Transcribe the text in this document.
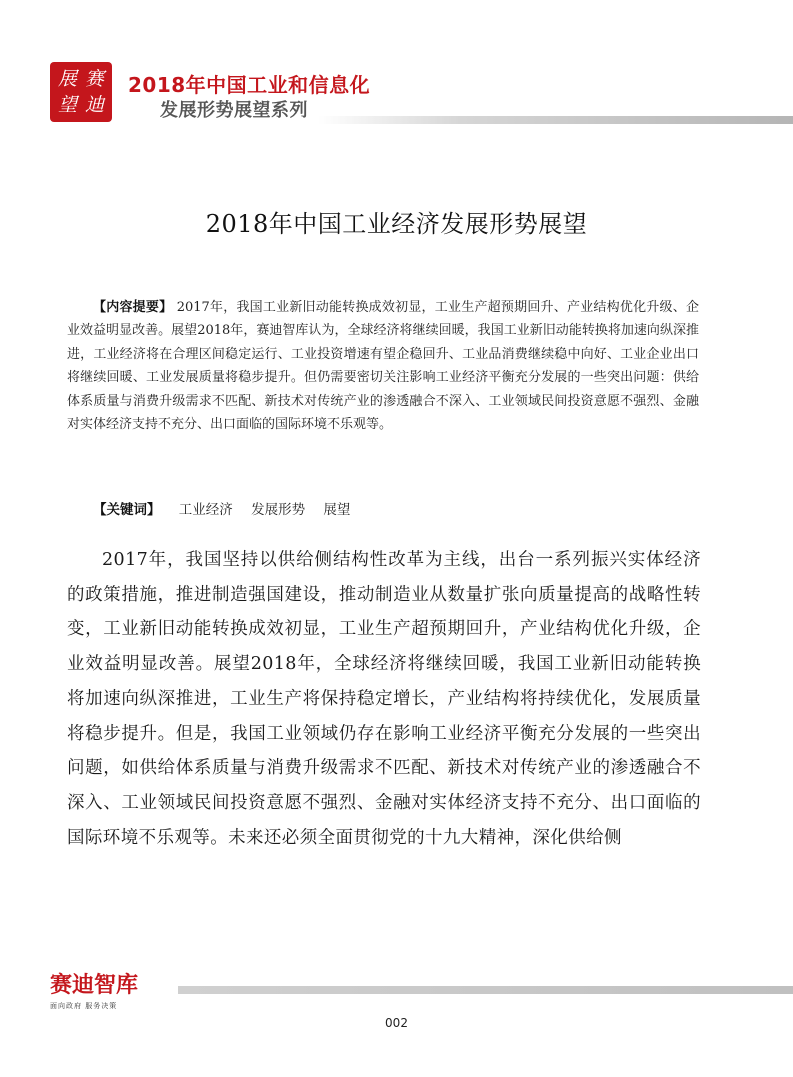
展 赛
望 迪
2018年中国工业和信息化
发展形势展望系列
2018年中国工业经济发展形势展望

【内容提要】 2017年，我国工业新旧动能转换成效初显，工业生产超预期回升、产业结构优化升级、企业效益明显改善。展望2018年，赛迪智库认为，全球经济将继续回暖，我国工业新旧动能转换将加速向纵深推进，工业经济将在合理区间稳定运行、工业投资增速有望企稳回升、工业品消费继续稳中向好、工业企业出口将继续回暖、工业发展质量将稳步提升。但仍需要密切关注影响工业经济平衡充分发展的一些突出问题：供给体系质量与消费升级需求不匹配、新技术对传统产业的渗透融合不深入、工业领域民间投资意愿不强烈、金融对实体经济支持不充分、出口面临的国际环境不乐观等。

【关键词】 工业经济 发展形势 展望

2017年，我国坚持以供给侧结构性改革为主线，出台一系列振兴实体经济的政策措施，推进制造强国建设，推动制造业从数量扩张向质量提高的战略性转变，工业新旧动能转换成效初显，工业生产超预期回升，产业结构优化升级，企业效益明显改善。展望2018年，全球经济将继续回暖，我国工业新旧动能转换将加速向纵深推进，工业生产将保持稳定增长，产业结构将持续优化，发展质量将稳步提升。但是，我国工业领域仍存在影响工业经济平衡充分发展的一些突出问题，如供给体系质量与消费升级需求不匹配、新技术对传统产业的渗透融合不深入、工业领域民间投资意愿不强烈、金融对实体经济支持不充分、出口面临的国际环境不乐观等。未来还必须全面贯彻党的十九大精神，深化供给侧

赛迪智库
面向政府 服务决策
002
